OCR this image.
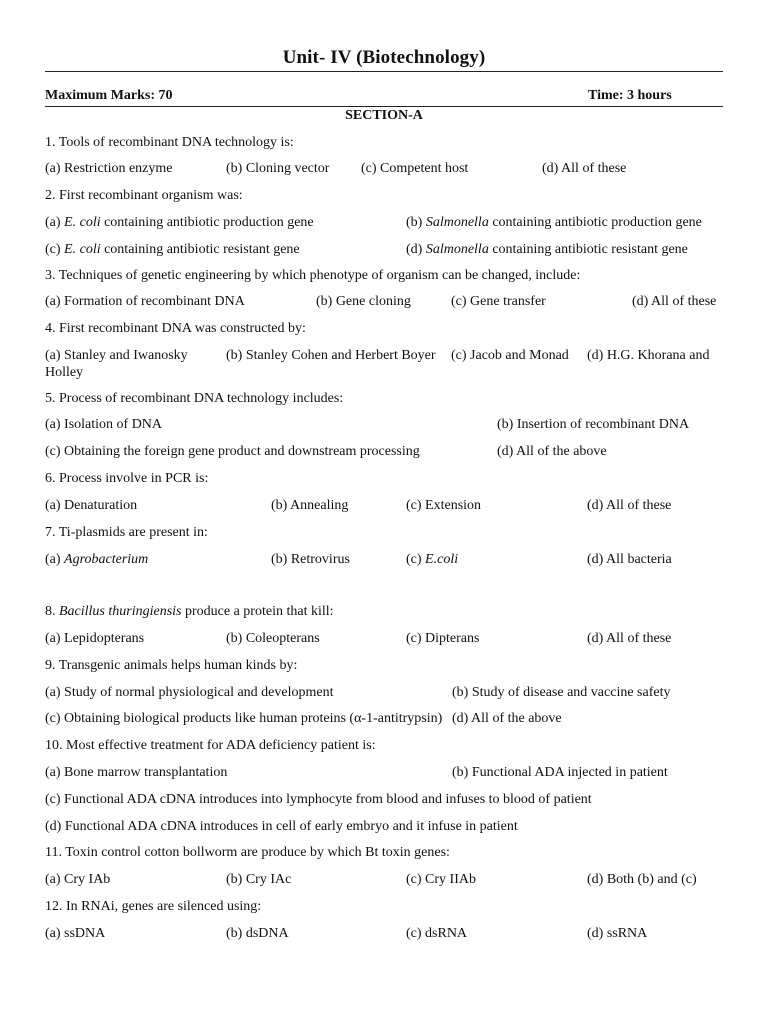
Unit- IV (Biotechnology)
Maximum Marks: 70	Time: 3 hours
SECTION-A
1. Tools of recombinant DNA technology is:
(a) Restriction enzyme	(b) Cloning vector (c) Competent host	(d) All of these
2. First recombinant organism was:
(a) E. coli containing antibiotic production gene	(b) Salmonella containing antibiotic production gene
(c) E. coli containing antibiotic resistant gene	(d) Salmonella containing antibiotic resistant gene
3. Techniques of genetic engineering by which phenotype of organism can be changed, include:
(a) Formation of recombinant DNA	(b) Gene cloning	(c) Gene transfer	(d) All of these
4. First recombinant DNA was constructed by:
(a) Stanley and Iwanosky	(b) Stanley Cohen and Herbert Boyer (c) Jacob and Monad (d) H.G. Khorana and
Holley
5. Process of recombinant DNA technology includes:
(a) Isolation of DNA	(b) Insertion of recombinant DNA
(c) Obtaining the foreign gene product and downstream processing	(d) All of the above
6. Process involve in PCR is:
(a) Denaturation	(b) Annealing	(c) Extension	(d) All of these
7. Ti-plasmids are present in:
(a) Agrobacterium	(b) Retrovirus	(c) E.coli	(d) All bacteria
8. Bacillus thuringiensis produce a protein that kill:
(a) Lepidopterans	(b) Coleopterans	(c) Dipterans	(d) All of these
9. Transgenic animals helps human kinds by:
(a) Study of normal physiological and development	(b) Study of disease and vaccine safety
(c) Obtaining biological products like human proteins (α-1-antitrypsin) (d) All of the above
10. Most effective treatment for ADA deficiency patient is:
(a) Bone marrow transplantation	(b) Functional ADA injected in patient
(c) Functional ADA cDNA introduces into lymphocyte from blood and infuses to blood of patient
(d) Functional ADA cDNA introduces in cell of early embryo and it infuse in patient
11. Toxin control cotton bollworm are produce by which Bt toxin genes:
(a) Cry IAb	(b) Cry IAc	(c) Cry IIAb	(d) Both (b) and (c)
12. In RNAi, genes are silenced using:
(a) ssDNA	(b) dsDNA	(c) dsRNA	(d) ssRNA
